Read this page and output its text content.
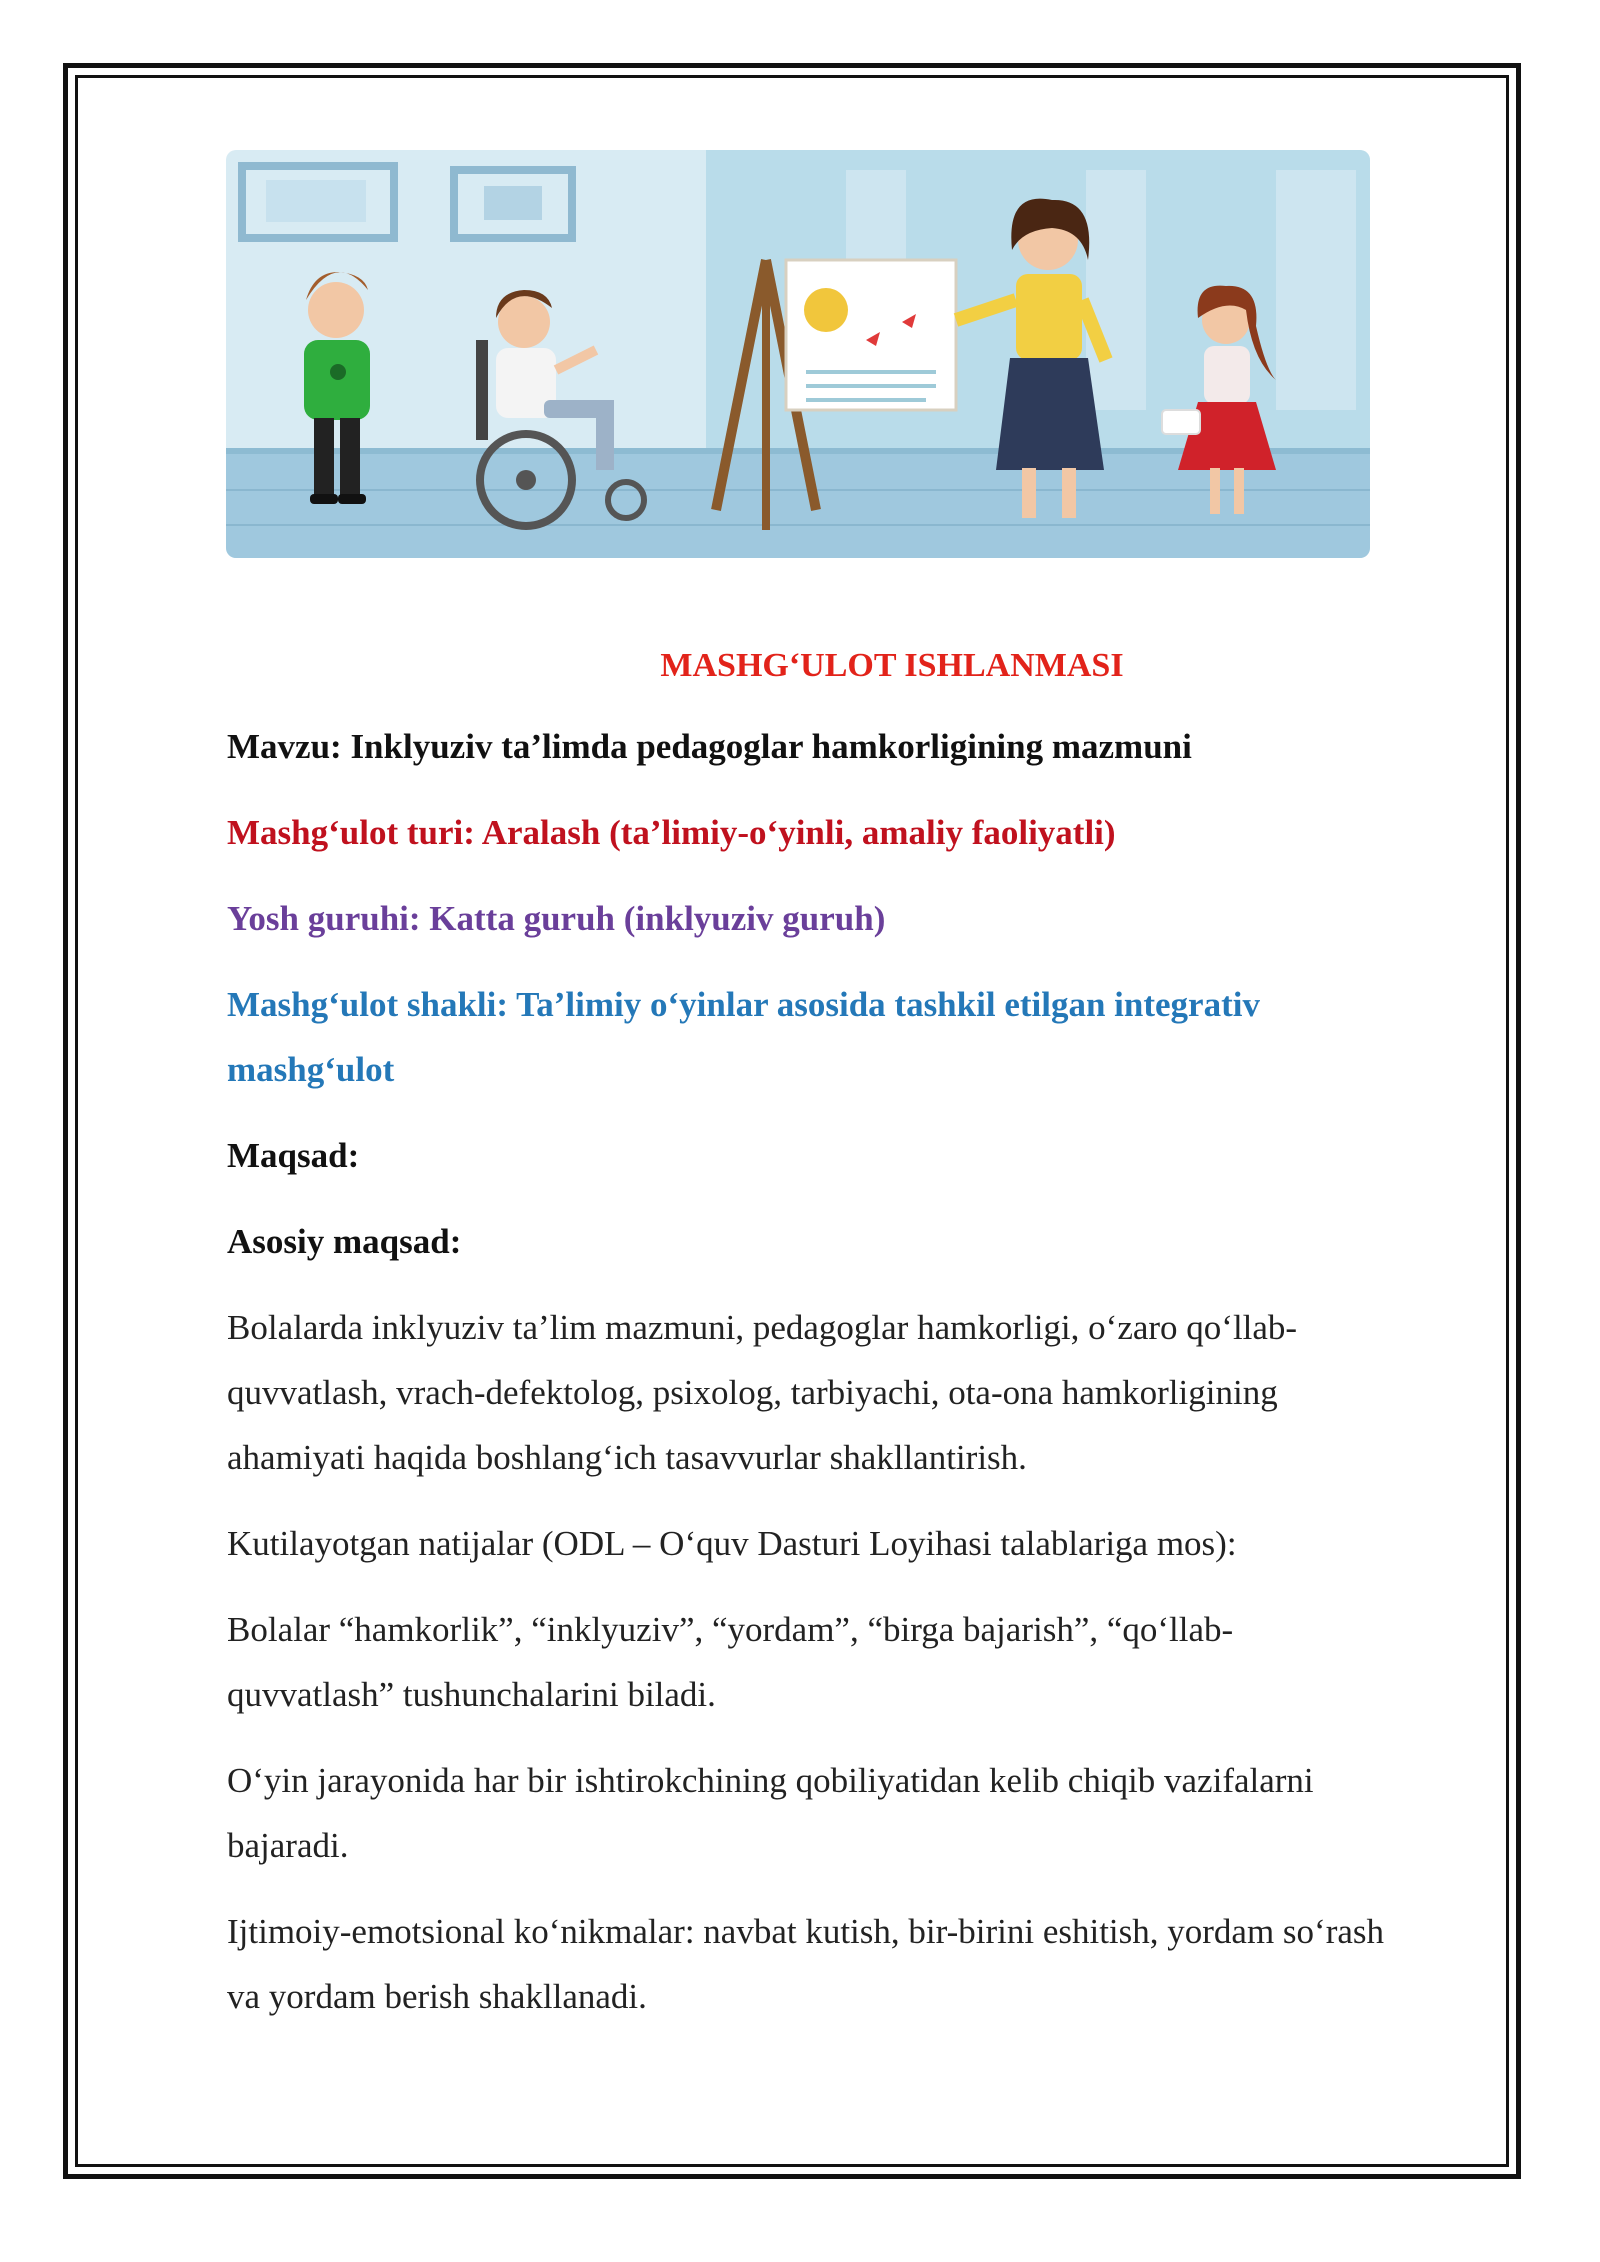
MASHG‘ULOT ISHLANMASI

Mavzu: Inklyuziv ta’limda pedagoglar hamkorligining mazmuni

Mashg‘ulot turi: Aralash (ta’limiy-o‘yinli, amaliy faoliyatli)

Yosh guruhi: Katta guruh (inklyuziv guruh)

Mashg‘ulot shakli: Ta’limiy o‘yinlar asosida tashkil etilgan integrativ

mashg‘ulot

Maqsad:

Asosiy maqsad:

Bolalarda inklyuziv ta’lim mazmuni, pedagoglar hamkorligi, o‘zaro qo‘llab-

quvvatlash, vrach-defektolog, psixolog, tarbiyachi, ota-ona hamkorligining

ahamiyati haqida boshlang‘ich tasavvurlar shakllantirish.

Kutilayotgan natijalar (ODL – O‘quv Dasturi Loyihasi talablariga mos):

Bolalar “hamkorlik”, “inklyuziv”, “yordam”, “birga bajarish”, “qo‘llab-

quvvatlash” tushunchalarini biladi.

O‘yin jarayonida har bir ishtirokchining qobiliyatidan kelib chiqib vazifalarni

bajaradi.

Ijtimoiy-emotsional ko‘nikmalar: navbat kutish, bir-birini eshitish, yordam so‘rash

va yordam berish shakllanadi.
